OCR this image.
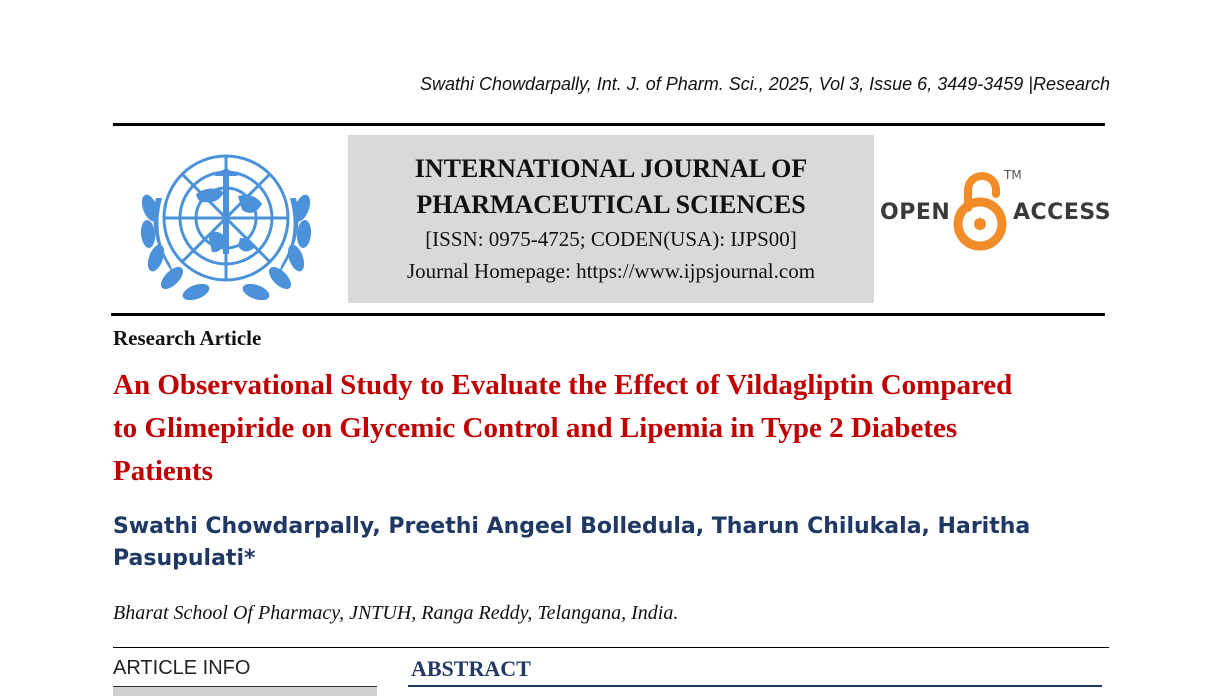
Swathi Chowdarpally, Int. J. of Pharm. Sci., 2025, Vol 3, Issue 6, 3449-3459 |Research
INTERNATIONAL JOURNAL OF
PHARMACEUTICAL SCIENCES
[ISSN: 0975-4725; CODEN(USA): IJPS00]
Journal Homepage: https://www.ijpsjournal.com
OPEN
TM
ACCESS
Research Article
An Observational Study to Evaluate the Effect of Vildagliptin Compared
to Glimepiride on Glycemic Control and Lipemia in Type 2 Diabetes
Patients
Swathi Chowdarpally, Preethi Angeel Bolledula, Tharun Chilukala, Haritha
Pasupulati*
Bharat School Of Pharmacy, JNTUH, Ranga Reddy, Telangana, India.
ARTICLE INFO	ABSTRACT
